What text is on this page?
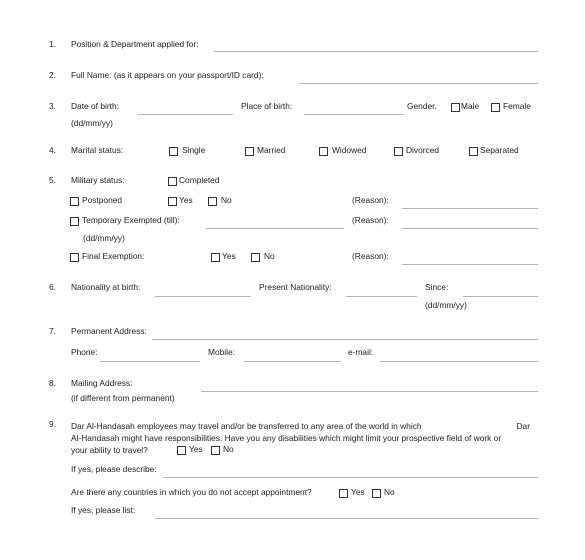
1. Position & Department applied for:
2. Full Name: (as it appears on your passport/ID card):
3. Date of birth:	Place of birth:	Gender.	Male	Female
(dd/mm/yy)
4. Marital status:	Single	Married	Widowed	Divorced	Separated
5. Military status:	Completed
Postponed	Yes	No	(Reason):
Temporary Exempted (till):	(Reason):
(dd/mm/yy)
Final Exemption:	Yes	No	(Reason):
6. Nationality at birth:	Present Nationality:	Since:
(dd/mm/yy)
7. Permanent Address:
Phone:	Mobile:	e-mail:
8. Mailing Address:
(if different from permanent)
9. Dar Al-Handasah employees may travel and/or be transferred to any area of the world in which	Dar
Al-Handasah might have responsibilities. Have you any disabilities which might limit your prospective field of work or
your ability to travel?	Yes No
If yes, please describe:
Are there any countries in which you do not accept appointment?	Yes No
If yes, please list:
